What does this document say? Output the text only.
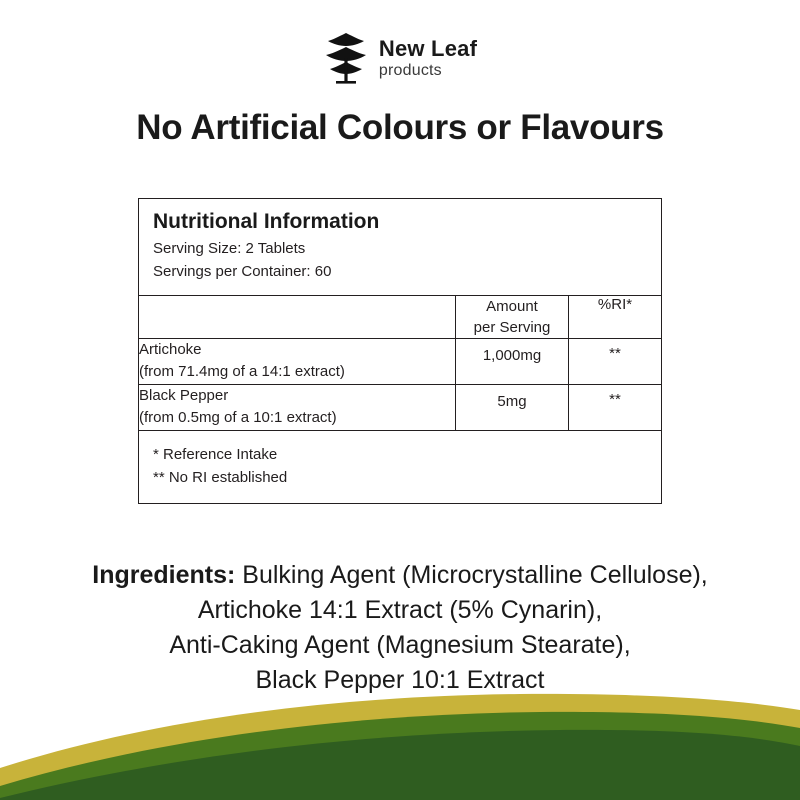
New Leaf
products
No Artificial Colours or Flavours
Nutritional Information
Serving Size: 2 Tablets
Servings per Container: 60		

	Amount
per Serving	%RI*

Artichoke
(from 71.4mg of a 14:1 extract)	1,000mg	**

Black Pepper
(from 0.5mg of a 10:1 extract)	5mg	**

* Reference Intake
** No RI established		
Ingredients: Bulking Agent (Microcrystalline Cellulose),
Artichoke 14:1 Extract (5% Cynarin),
Anti-Caking Agent (Magnesium Stearate),
Black Pepper 10:1 Extract
